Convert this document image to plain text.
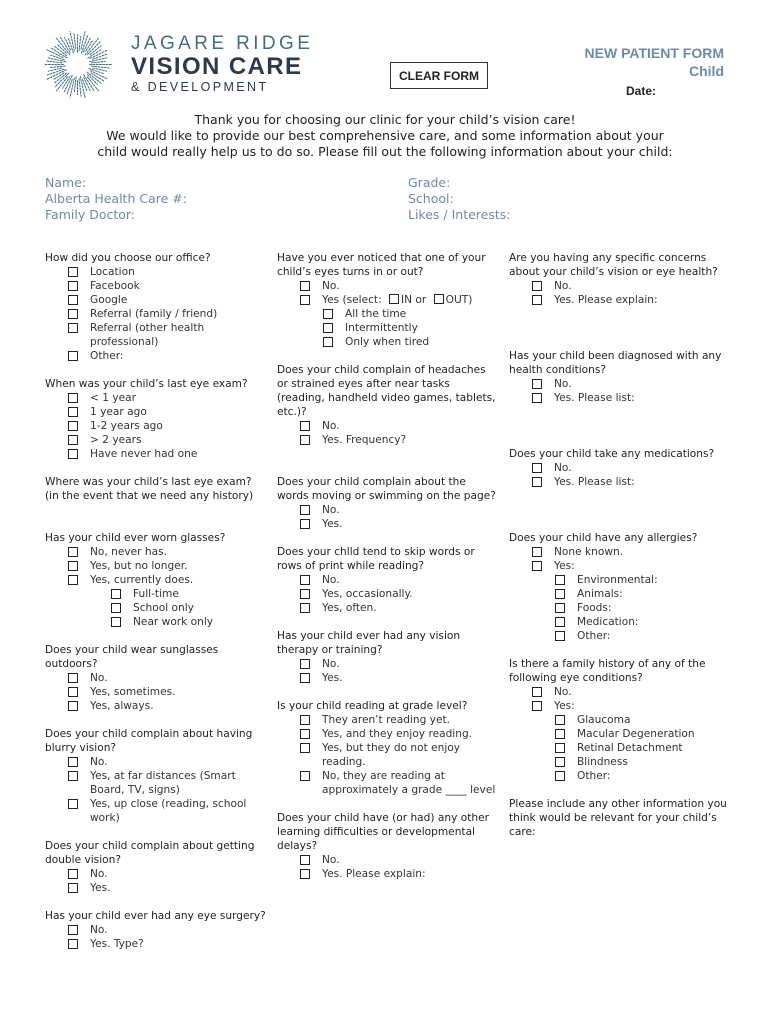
JAGARE RIDGE
VISION CARE
& DEVELOPMENT
CLEAR FORM
NEW PATIENT FORM
Child
Date:
Thank you for choosing our clinic for your child’s vision care!
We would like to provide our best comprehensive care, and some information about your
child would really help us to do so. Please fill out the following information about your child:
Name:
Alberta Health Care #:
Family Doctor:
Grade:
School:
Likes / Interests:
How did you choose our office?
Location
Facebook
Google
Referral (family / friend)
Referral (other health professional)
Other:
When was your child’s last eye exam?
< 1 year
1 year ago
1-2 years ago
> 2 years
Have never had one
Where was your child’s last eye exam?
(in the event that we need any history)
Has your child ever worn glasses?
No, never has.
Yes, but no longer.
Yes, currently does.
Full-time
School only
Near work only
Does your child wear sunglasses outdoors?
No.
Yes, sometimes.
Yes, always.
Does your child complain about having blurry vision?
No.
Yes, at far distances (Smart Board, TV, signs)
Yes, up close (reading, school work)
Does your child complain about getting double vision?
No.
Yes.
Has your child ever had any eye surgery?
No.
Yes. Type?
Have you ever noticed that one of your child’s eyes turns in or out?
No.
Yes (select: IN or OUT)
All the time
Intermittently
Only when tired
Does your child complain of headaches or strained eyes after near tasks (reading, handheld video games, tablets, etc.)?
No.
Yes. Frequency?
Does your child complain about the words moving or swimming on the page?
No.
Yes.
Does your chlld tend to skip words or rows of print while reading?
No.
Yes, occasionally.
Yes, often.
Has your child ever had any vision therapy or training?
No.
Yes.
Is your child reading at grade level?
They aren’t reading yet.
Yes, and they enjoy reading.
Yes, but they do not enjoy reading.
No, they are reading at approximately a grade ____ level
Does your child have (or had) any other learning difficulties or developmental delays?
No.
Yes. Please explain:
Are you having any specific concerns about your child’s vision or eye health?
No.
Yes. Please explain:
Has your child been diagnosed with any health conditions?
No.
Yes. Please list:
Does your child take any medications?
No.
Yes. Please list:
Does your child have any allergies?
None known.
Yes:
Environmental:
Animals:
Foods:
Medication:
Other:
Is there a family history of any of the following eye conditions?
No.
Yes:
Glaucoma
Macular Degeneration
Retinal Detachment
Blindness
Other:
Please include any other information you think would be relevant for your child’s care:
